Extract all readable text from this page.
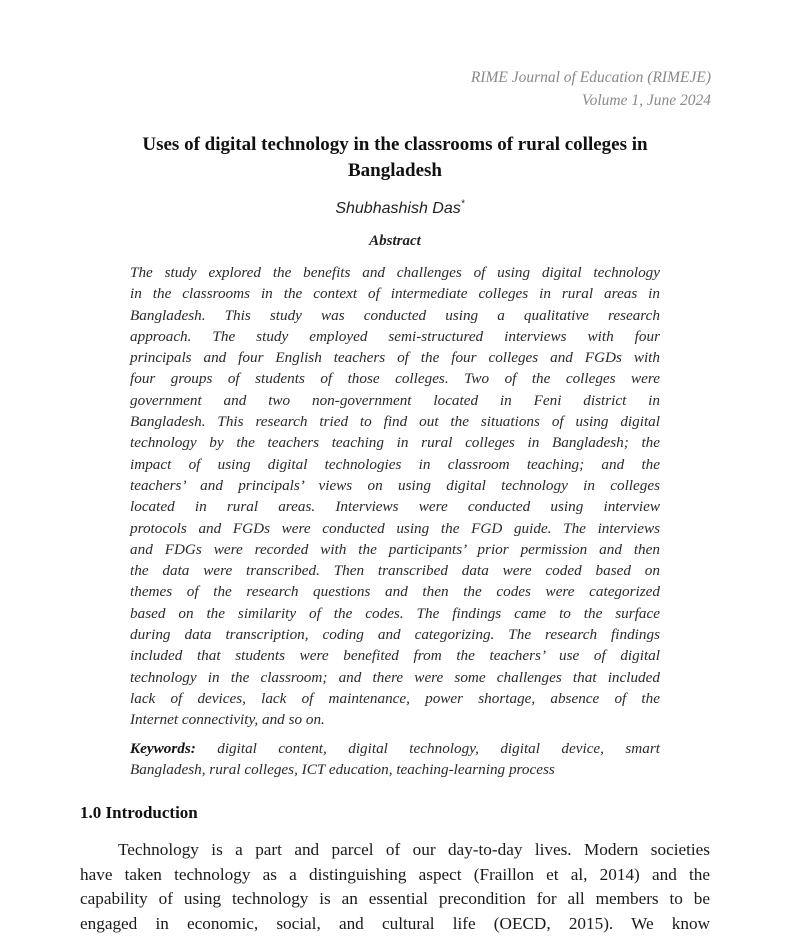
RIME Journal of Education (RIMEJE)
Volume 1, June 2024
Uses of digital technology in the classrooms of rural colleges in
Bangladesh
Shubhashish Das*
Abstract
The study explored the benefits and challenges of using digital technology
in the classrooms in the context of intermediate colleges in rural areas in
Bangladesh. This study was conducted using a qualitative research
approach. The study employed semi-structured interviews with four
principals and four English teachers of the four colleges and FGDs with
four groups of students of those colleges. Two of the colleges were
government and two non-government located in Feni district in
Bangladesh. This research tried to find out the situations of using digital
technology by the teachers teaching in rural colleges in Bangladesh; the
impact of using digital technologies in classroom teaching; and the
teachers’ and principals’ views on using digital technology in colleges
located in rural areas. Interviews were conducted using interview
protocols and FGDs were conducted using the FGD guide. The interviews
and FDGs were recorded with the participants’ prior permission and then
the data were transcribed. Then transcribed data were coded based on
themes of the research questions and then the codes were categorized
based on the similarity of the codes. The findings came to the surface
during data transcription, coding and categorizing. The research findings
included that students were benefited from the teachers’ use of digital
technology in the classroom; and there were some challenges that included
lack of devices, lack of maintenance, power shortage, absence of the
Internet connectivity, and so on.
Keywords: digital content, digital technology, digital device, smart
Bangladesh, rural colleges, ICT education, teaching-learning process
1.0 Introduction
Technology is a part and parcel of our day-to-day lives. Modern societies
have taken technology as a distinguishing aspect (Fraillon et al, 2014) and the
capability of using technology is an essential precondition for all members to be
engaged in economic, social, and cultural life (OECD, 2015). We know
